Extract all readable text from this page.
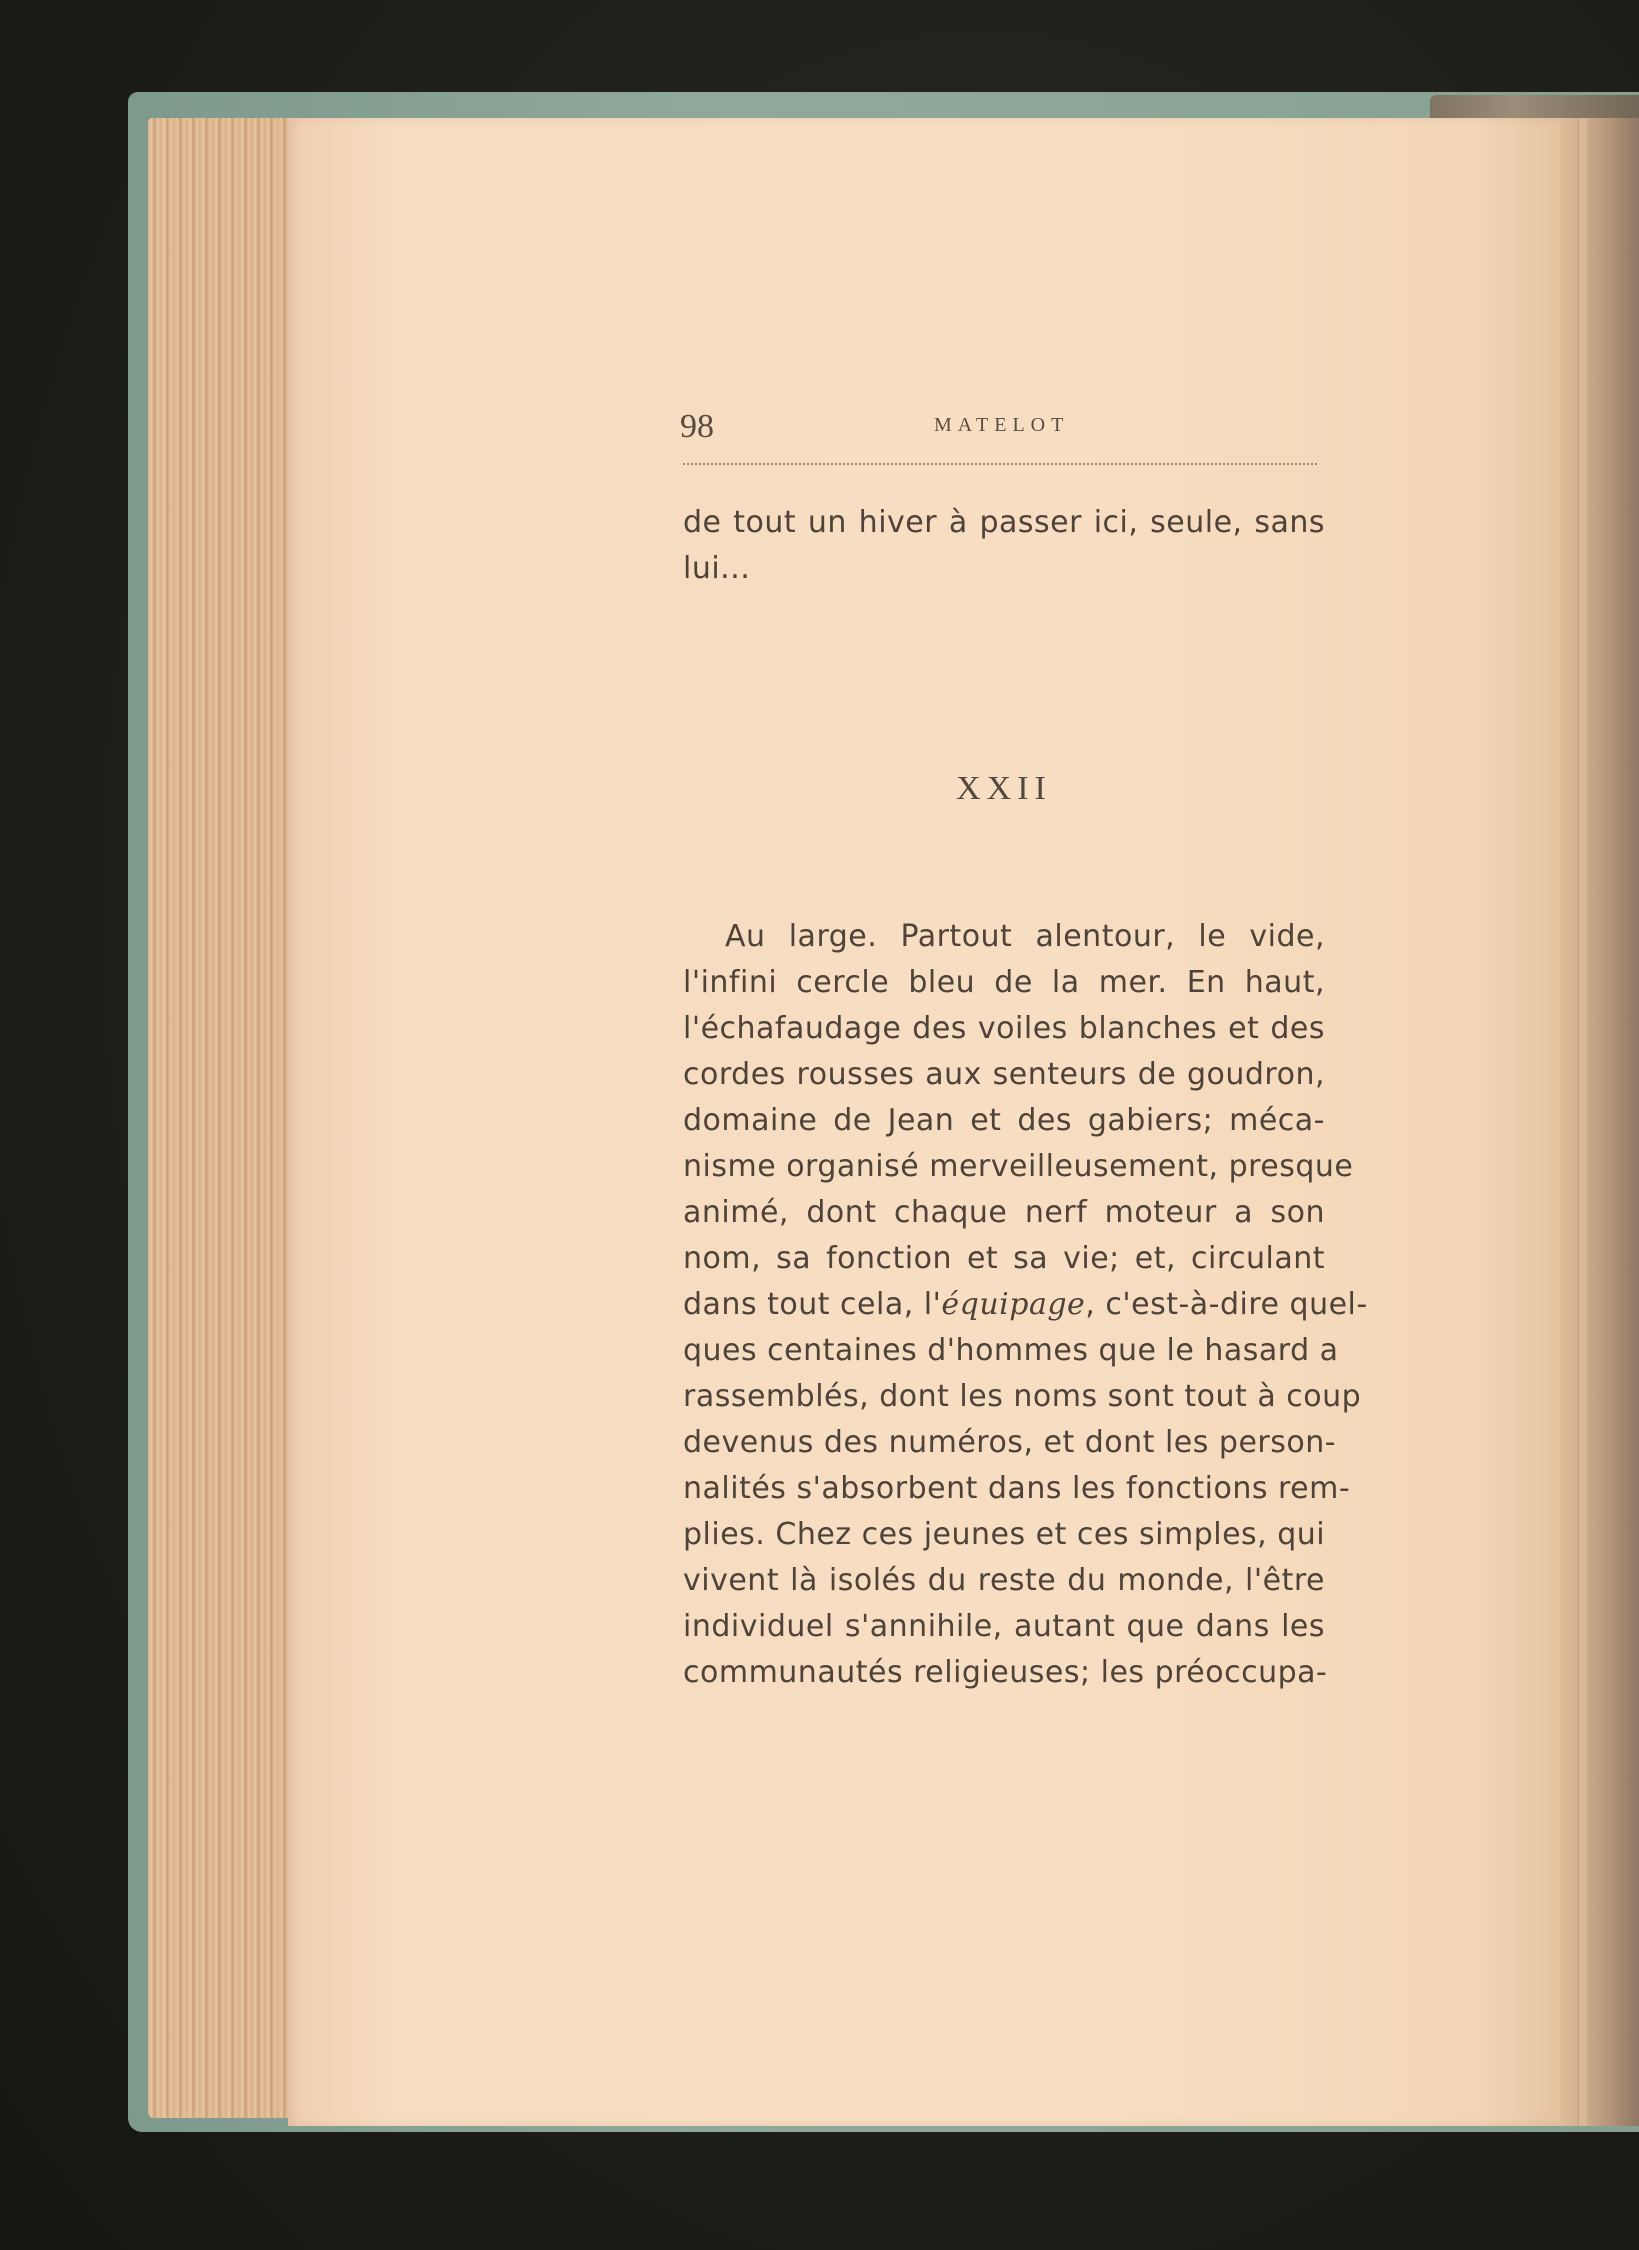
98	MATELOT
de tout un hiver à passer ici, seule, sans
lui...
XXII
Au large. Partout alentour, le vide,
l'infini cercle bleu de la mer. En haut,
l'échafaudage des voiles blanches et des
cordes rousses aux senteurs de goudron,
domaine de Jean et des gabiers; méca-
nisme organisé merveilleusement, presque
animé, dont chaque nerf moteur a son
nom, sa fonction et sa vie; et, circulant
dans tout cela, l'équipage, c'est-à-dire quel-
ques centaines d'hommes que le hasard a
rassemblés, dont les noms sont tout à coup
devenus des numéros, et dont les person-
nalités s'absorbent dans les fonctions rem-
plies. Chez ces jeunes et ces simples, qui
vivent là isolés du reste du monde, l'être
individuel s'annihile, autant que dans les
communautés religieuses; les préoccupa-
